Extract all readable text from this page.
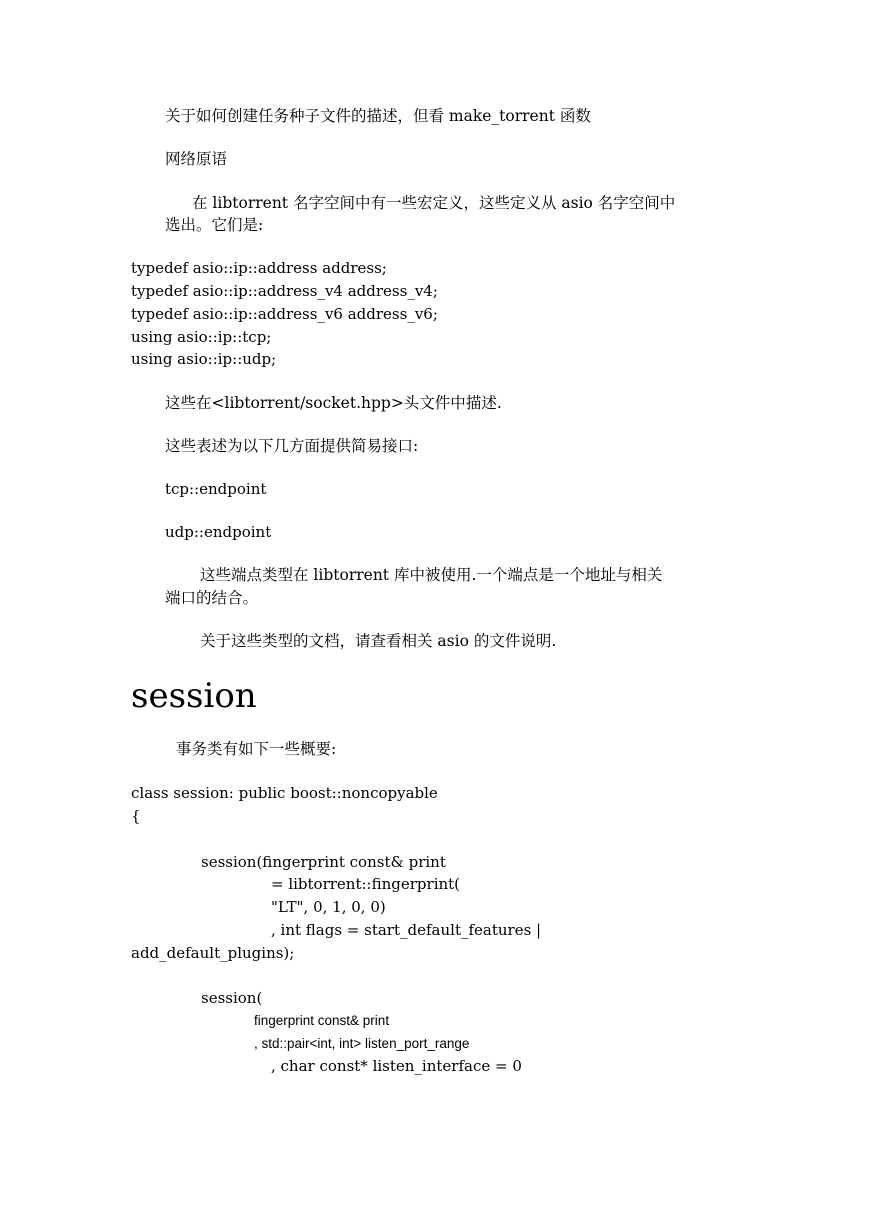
关于如何创建任务种子文件的描述，但看 make_torrent 函数
网络原语
在 libtorrent 名字空间中有一些宏定义，这些定义从 asio 名字空间中
选出。它们是:
typedef asio::ip::address address;
typedef asio::ip::address_v4 address_v4;
typedef asio::ip::address_v6 address_v6;
using asio::ip::tcp;
using asio::ip::udp;
这些在<libtorrent/socket.hpp>头文件中描述.
这些表述为以下几方面提供简易接口:
tcp::endpoint
udp::endpoint
这些端点类型在 libtorrent 库中被使用.一个端点是一个地址与相关
端口的结合。
关于这些类型的文档，请查看相关 asio 的文件说明.
session
事务类有如下一些概要:
class session: public boost::noncopyable
{
session(fingerprint const& print
= libtorrent::fingerprint(
"LT", 0, 1, 0, 0)
, int flags = start_default_features |
add_default_plugins);
session(
fingerprint const& print
, std::pair<int, int> listen_port_range
, char const* listen_interface = 0
